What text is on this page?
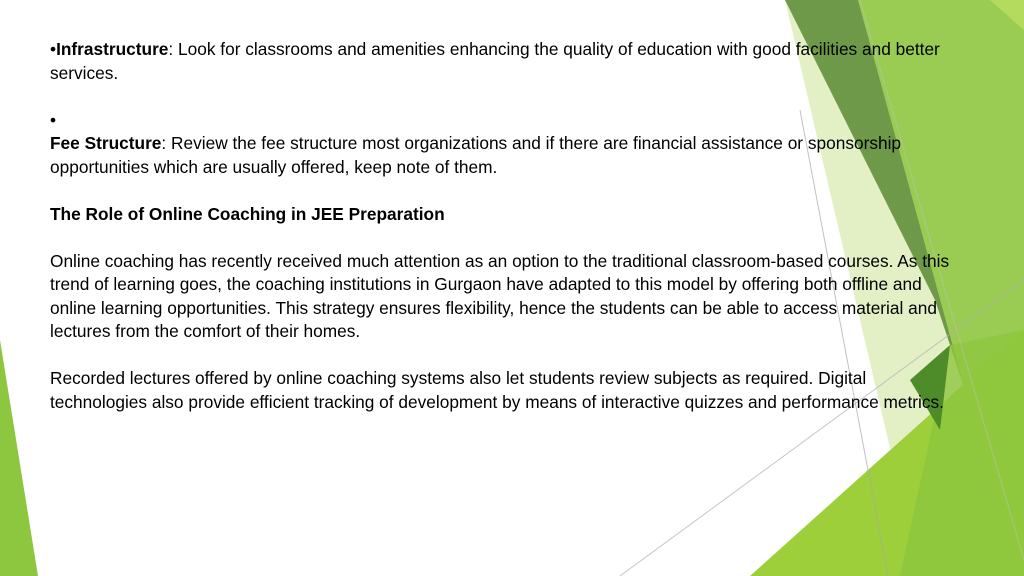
•Infrastructure: Look for classrooms and amenities enhancing the quality of education with good facilities and better services.

•

Fee Structure: Review the fee structure most organizations and if there are financial assistance or sponsorship opportunities which are usually offered, keep note of them.

The Role of Online Coaching in JEE Preparation

Online coaching has recently received much attention as an option to the traditional classroom-based courses. As this trend of learning goes, the coaching institutions in Gurgaon have adapted to this model by offering both offline and online learning opportunities. This strategy ensures flexibility, hence the students can be able to access material and lectures from the comfort of their homes.

Recorded lectures offered by online coaching systems also let students review subjects as required. Digital technologies also provide efficient tracking of development by means of interactive quizzes and performance metrics.
